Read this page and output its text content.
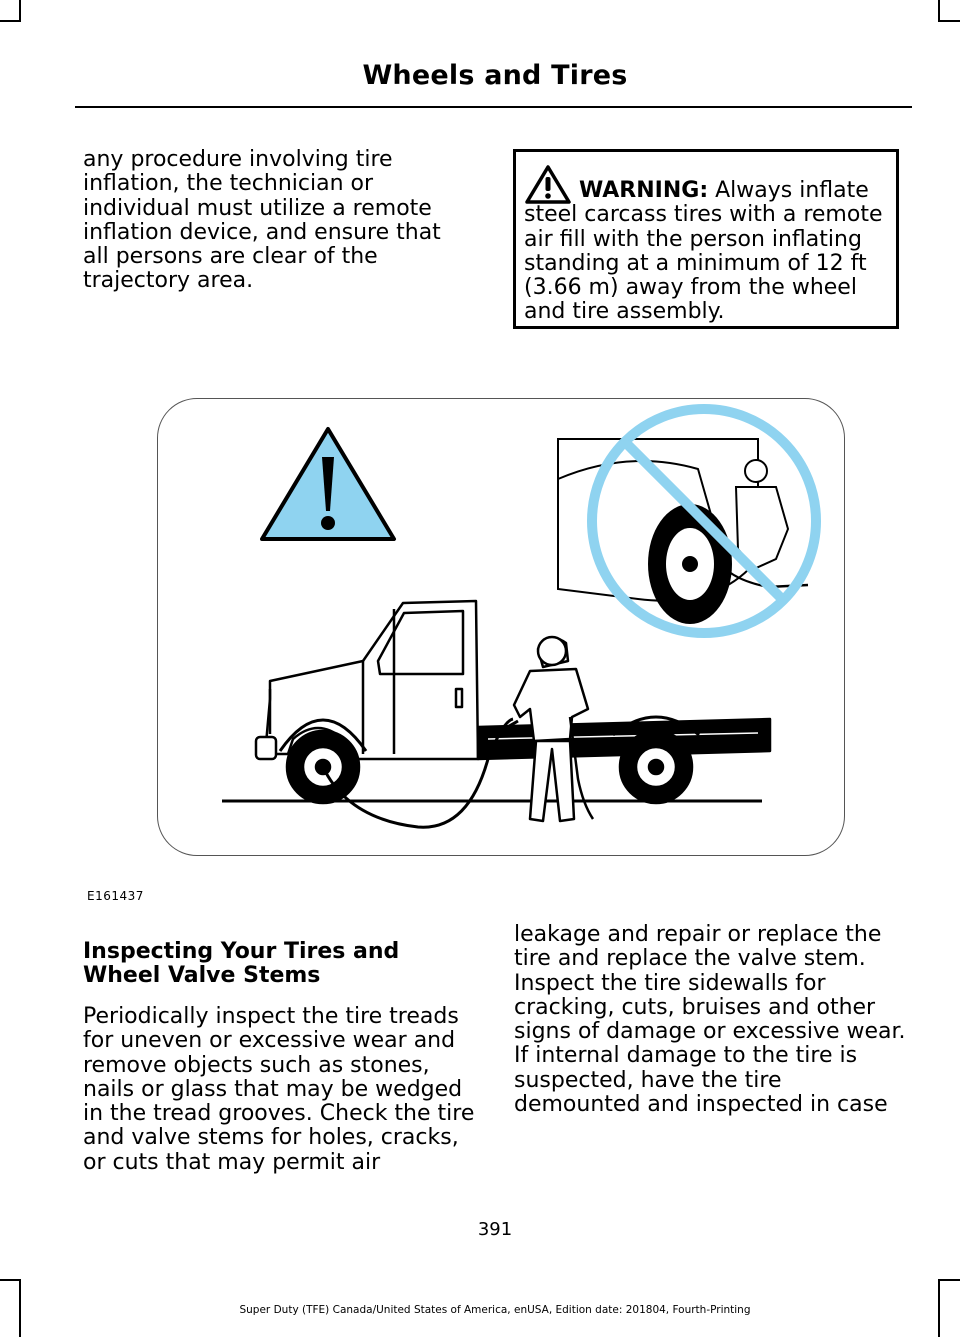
Wheels and Tires

any procedure involving tire inflation, the technician or individual must utilize a remote inflation device, and ensure that all persons are clear of the trajectory area.

WARNING: Always inflate steel carcass tires with a remote air fill with the person inflating standing at a minimum of 12 ft (3.66 m) away from the wheel and tire assembly.

E161437
Inspecting Your Tires and Wheel Valve Stems

Periodically inspect the tire treads for uneven or excessive wear and remove objects such as stones, nails or glass that may be wedged in the tread grooves. Check the tire and valve stems for holes, cracks, or cuts that may permit air

leakage and repair or replace the tire and replace the valve stem. Inspect the tire sidewalls for cracking, cuts, bruises and other signs of damage or excessive wear. If internal damage to the tire is suspected, have the tire demounted and inspected in case

391
Super Duty (TFE) Canada/United States of America, enUSA, Edition date: 201804, Fourth-Printing
